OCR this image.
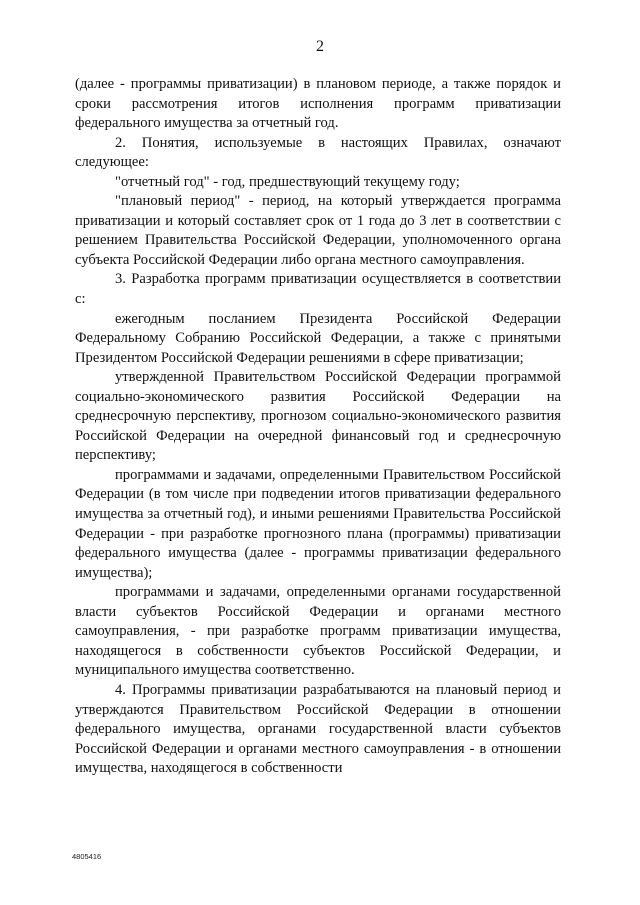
2

(далее - программы приватизации) в плановом периоде, а также порядок и сроки рассмотрения итогов исполнения программ приватизации федерального имущества за отчетный год.

2. Понятия, используемые в настоящих Правилах, означают следующее:

"отчетный год" - год, предшествующий текущему году;

"плановый период" - период, на который утверждается программа приватизации и который составляет срок от 1 года до 3 лет в соответствии с решением Правительства Российской Федерации, уполномоченного органа субъекта Российской Федерации либо органа местного самоуправления.

3. Разработка программ приватизации осуществляется в соответствии с:

ежегодным посланием Президента Российской Федерации Федеральному Собранию Российской Федерации, а также с принятыми Президентом Российской Федерации решениями в сфере приватизации;

утвержденной Правительством Российской Федерации программой социально-экономического развития Российской Федерации на среднесрочную перспективу, прогнозом социально-экономического развития Российской Федерации на очередной финансовый год и среднесрочную перспективу;

программами и задачами, определенными Правительством Российской Федерации (в том числе при подведении итогов приватизации федерального имущества за отчетный год), и иными решениями Правительства Российской Федерации - при разработке прогнозного плана (программы) приватизации федерального имущества (далее - программы приватизации федерального имущества);

программами и задачами, определенными органами государственной власти субъектов Российской Федерации и органами местного самоуправления, - при разработке программ приватизации имущества, находящегося в собственности субъектов Российской Федерации, и муниципального имущества соответственно.

4. Программы приватизации разрабатываются на плановый период и утверждаются Правительством Российской Федерации в отношении федерального имущества, органами государственной власти субъектов Российской Федерации и органами местного самоуправления - в отношении имущества, находящегося в собственности

4805416
